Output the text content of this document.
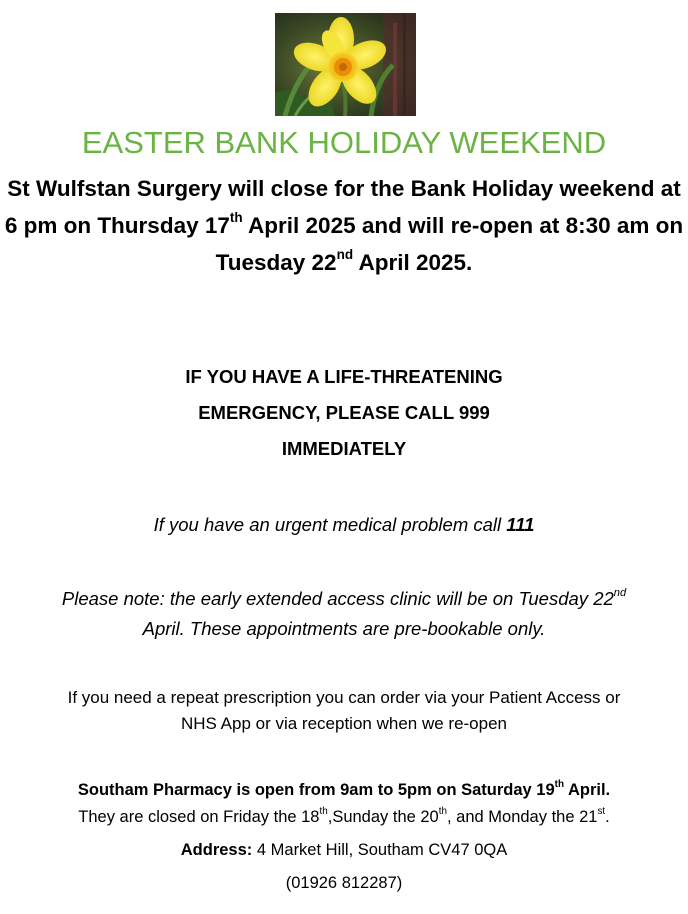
EASTER BANK HOLIDAY WEEKEND
St Wulfstan Surgery will close for the Bank Holiday weekend at 6 pm on Thursday 17th April 2025 and will re-open at 8:30 am on Tuesday 22nd April 2025.
IF YOU HAVE A LIFE-THREATENING
EMERGENCY, PLEASE CALL 999
IMMEDIATELY
If you have an urgent medical problem call 111
Please note: the early extended access clinic will be on Tuesday 22nd April. These appointments are pre-bookable only.
If you need a repeat prescription you can order via your Patient Access or
NHS App or via reception when we re-open
Southam Pharmacy is open from 9am to 5pm on Saturday 19th April.
They are closed on Friday the 18th,Sunday the 20th, and Monday the 21st.
Address: 4 Market Hill, Southam CV47 0QA
(01926 812287)
